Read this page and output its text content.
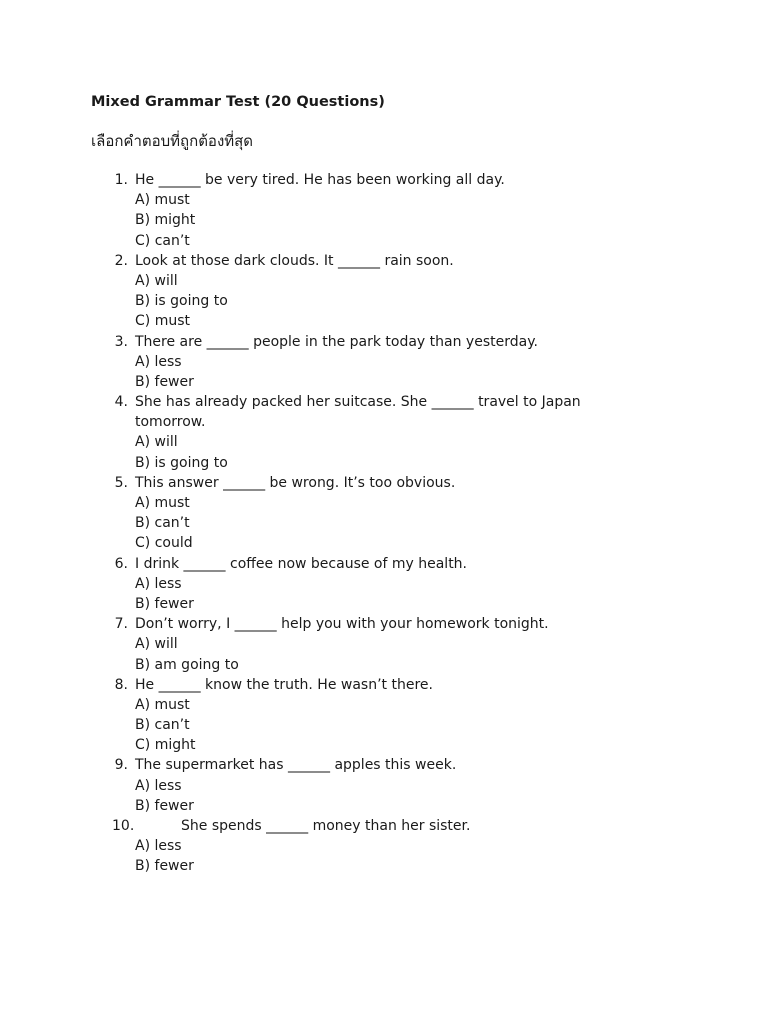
Mixed Grammar Test (20 Questions)
เลือกคำตอบที่ถูกต้องที่สุด
1. He ______ be very tired. He has been working all day.
A) must
B) might
C) can’t
2. Look at those dark clouds. It ______ rain soon.
A) will
B) is going to
C) must
3. There are ______ people in the park today than yesterday.
A) less
B) fewer
4. She has already packed her suitcase. She ______ travel to Japan
tomorrow.
A) will
B) is going to
5. This answer ______ be wrong. It’s too obvious.
A) must
B) can’t
C) could
6. I drink ______ coffee now because of my health.
A) less
B) fewer
7. Don’t worry, I ______ help you with your homework tonight.
A) will
B) am going to
8. He ______ know the truth. He wasn’t there.
A) must
B) can’t
C) might
9. The supermarket has ______ apples this week.
A) less
B) fewer
10.	She spends ______ money than her sister.
A) less
B) fewer
